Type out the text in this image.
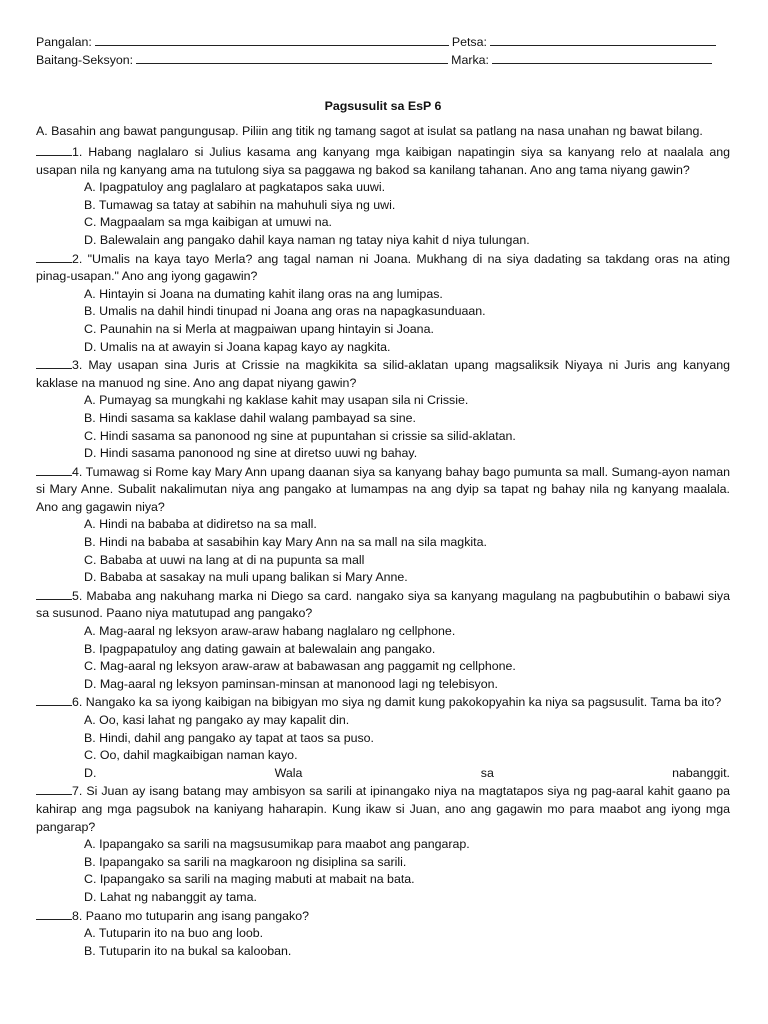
Pangalan:	Petsa:
Baitang-Seksyon:	Marka:
Pagsusulit sa EsP 6
A. Basahin ang bawat pangungusap. Piliin ang titik ng tamang sagot at isulat sa patlang na nasa unahan ng bawat bilang.

1. Habang naglalaro si Julius kasama ang kanyang mga kaibigan napatingin siya sa kanyang relo at naalala ang usapan nila ng kanyang ama na tutulong siya sa paggawa ng bakod sa kanilang tahanan. Ano ang tama niyang gawin?

A. Ipagpatuloy ang paglalaro at pagkatapos saka uuwi.
B. Tumawag sa tatay at sabihin na mahuhuli siya ng uwi.
C. Magpaalam sa mga kaibigan at umuwi na.
D. Balewalain ang pangako dahil kaya naman ng tatay niya kahit d niya tulungan.

2. "Umalis na kaya tayo Merla? ang tagal naman ni Joana. Mukhang di na siya dadating sa takdang oras na ating pinag-usapan." Ano ang iyong gagawin?

A. Hintayin si Joana na dumating kahit ilang oras na ang lumipas.
B. Umalis na dahil hindi tinupad ni Joana ang oras na napagkasunduaan.
C. Paunahin na si Merla at magpaiwan upang hintayin si Joana.
D. Umalis na at awayin si Joana kapag kayo ay nagkita.

3. May usapan sina Juris at Crissie na magkikita sa silid-aklatan upang magsaliksik Niyaya ni Juris ang kanyang kaklase na manuod ng sine. Ano ang dapat niyang gawin?

A. Pumayag sa mungkahi ng kaklase kahit may usapan sila ni Crissie.
B. Hindi sasama sa kaklase dahil walang pambayad sa sine.
C. Hindi sasama sa panonood ng sine at pupuntahan si crissie sa silid-aklatan.
D. Hindi sasama panonood ng sine at diretso uuwi ng bahay.

4. Tumawag si Rome kay Mary Ann upang daanan siya sa kanyang bahay bago pumunta sa mall. Sumang-ayon naman si Mary Anne. Subalit nakalimutan niya ang pangako at lumampas na ang dyip sa tapat ng bahay nila ng kanyang maalala. Ano ang gagawin niya?

A. Hindi na bababa at didiretso na sa mall.
B. Hindi na bababa at sasabihin kay Mary Ann na sa mall na sila magkita.
C. Bababa at uuwi na lang at di na pupunta sa mall
D. Bababa at sasakay na muli upang balikan si Mary Anne.

5. Mababa ang nakuhang marka ni Diego sa card. nangako siya sa kanyang magulang na pagbubutihin o babawi siya sa susunod. Paano niya matutupad ang pangako?

A. Mag-aaral ng leksyon araw-araw habang naglalaro ng cellphone.
B. Ipagpapatuloy ang dating gawain at balewalain ang pangako.
C. Mag-aaral ng leksyon araw-araw at babawasan ang paggamit ng cellphone.
D. Mag-aaral ng leksyon paminsan-minsan at manonood lagi ng telebisyon.

6. Nangako ka sa iyong kaibigan na bibigyan mo siya ng damit kung pakokopyahin ka niya sa pagsusulit. Tama ba ito?

A. Oo, kasi lahat ng pangako ay may kapalit din.
B. Hindi, dahil ang pangako ay tapat at taos sa puso.
C. Oo, dahil magkaibigan naman kayo.
D. Wala sa nabanggit.

7. Si Juan ay isang batang may ambisyon sa sarili at ipinangako niya na magtatapos siya ng pag-aaral kahit gaano pa kahirap ang mga pagsubok na kaniyang haharapin. Kung ikaw si Juan, ano ang gagawin mo para maabot ang iyong mga pangarap?

A. Ipapangako sa sarili na magsusumikap para maabot ang pangarap.
B. Ipapangako sa sarili na magkaroon ng disiplina sa sarili.
C. Ipapangako sa sarili na maging mabuti at mabait na bata.
D. Lahat ng nabanggit ay tama.

8. Paano mo tutuparin ang isang pangako?

A. Tutuparin ito na buo ang loob.
B. Tutuparin ito na bukal sa kalooban.
